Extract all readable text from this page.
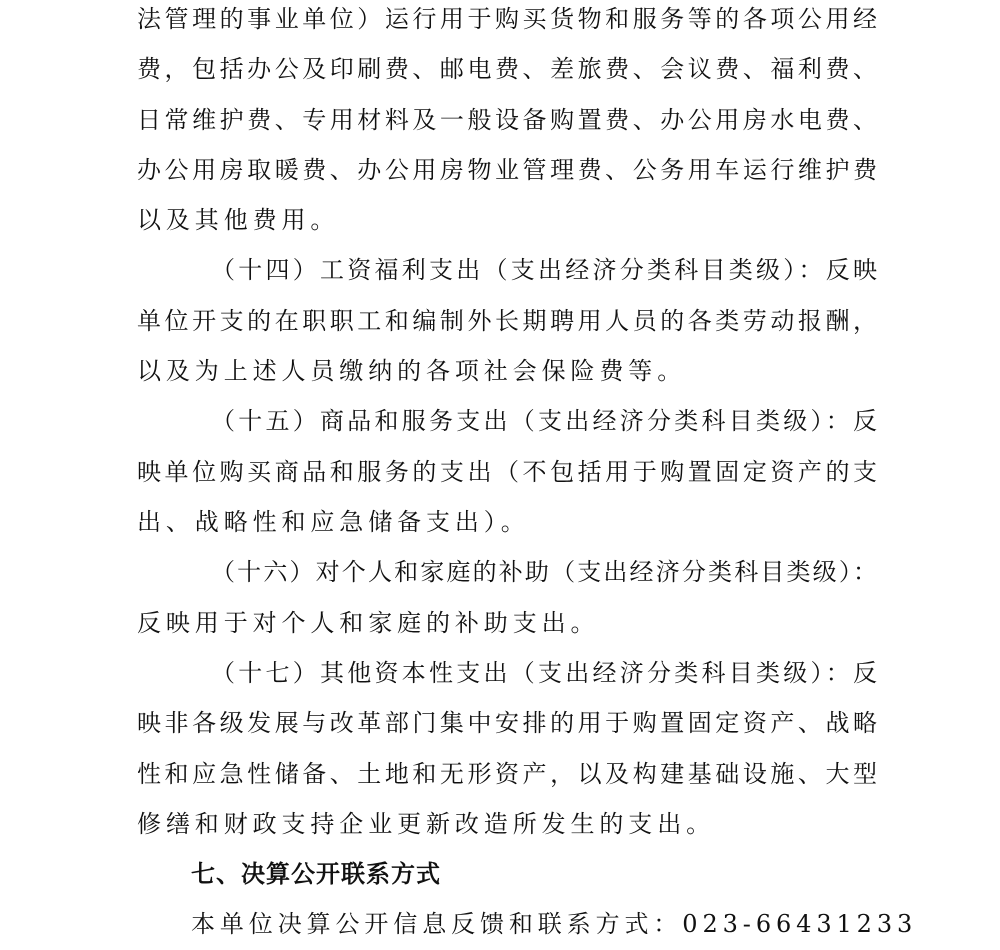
法管理的事业单位）运行用于购买货物和服务等的各项公用经
费，包括办公及印刷费、邮电费、差旅费、会议费、福利费、
日常维护费、专用材料及一般设备购置费、办公用房水电费、
办公用房取暖费、办公用房物业管理费、公务用车运行维护费
以及其他费用。
（十四）工资福利支出（支出经济分类科目类级）：反映
单位开支的在职职工和编制外长期聘用人员的各类劳动报酬，
以及为上述人员缴纳的各项社会保险费等。
（十五）商品和服务支出（支出经济分类科目类级）：反
映单位购买商品和服务的支出（不包括用于购置固定资产的支
出、战略性和应急储备支出）。
（十六）对个人和家庭的补助（支出经济分类科目类级）：
反映用于对个人和家庭的补助支出。
（十七）其他资本性支出（支出经济分类科目类级）：反
映非各级发展与改革部门集中安排的用于购置固定资产、战略
性和应急性储备、土地和无形资产，以及构建基础设施、大型
修缮和财政支持企业更新改造所发生的支出。
七、决算公开联系方式
本单位决算公开信息反馈和联系方式：023-66431233
